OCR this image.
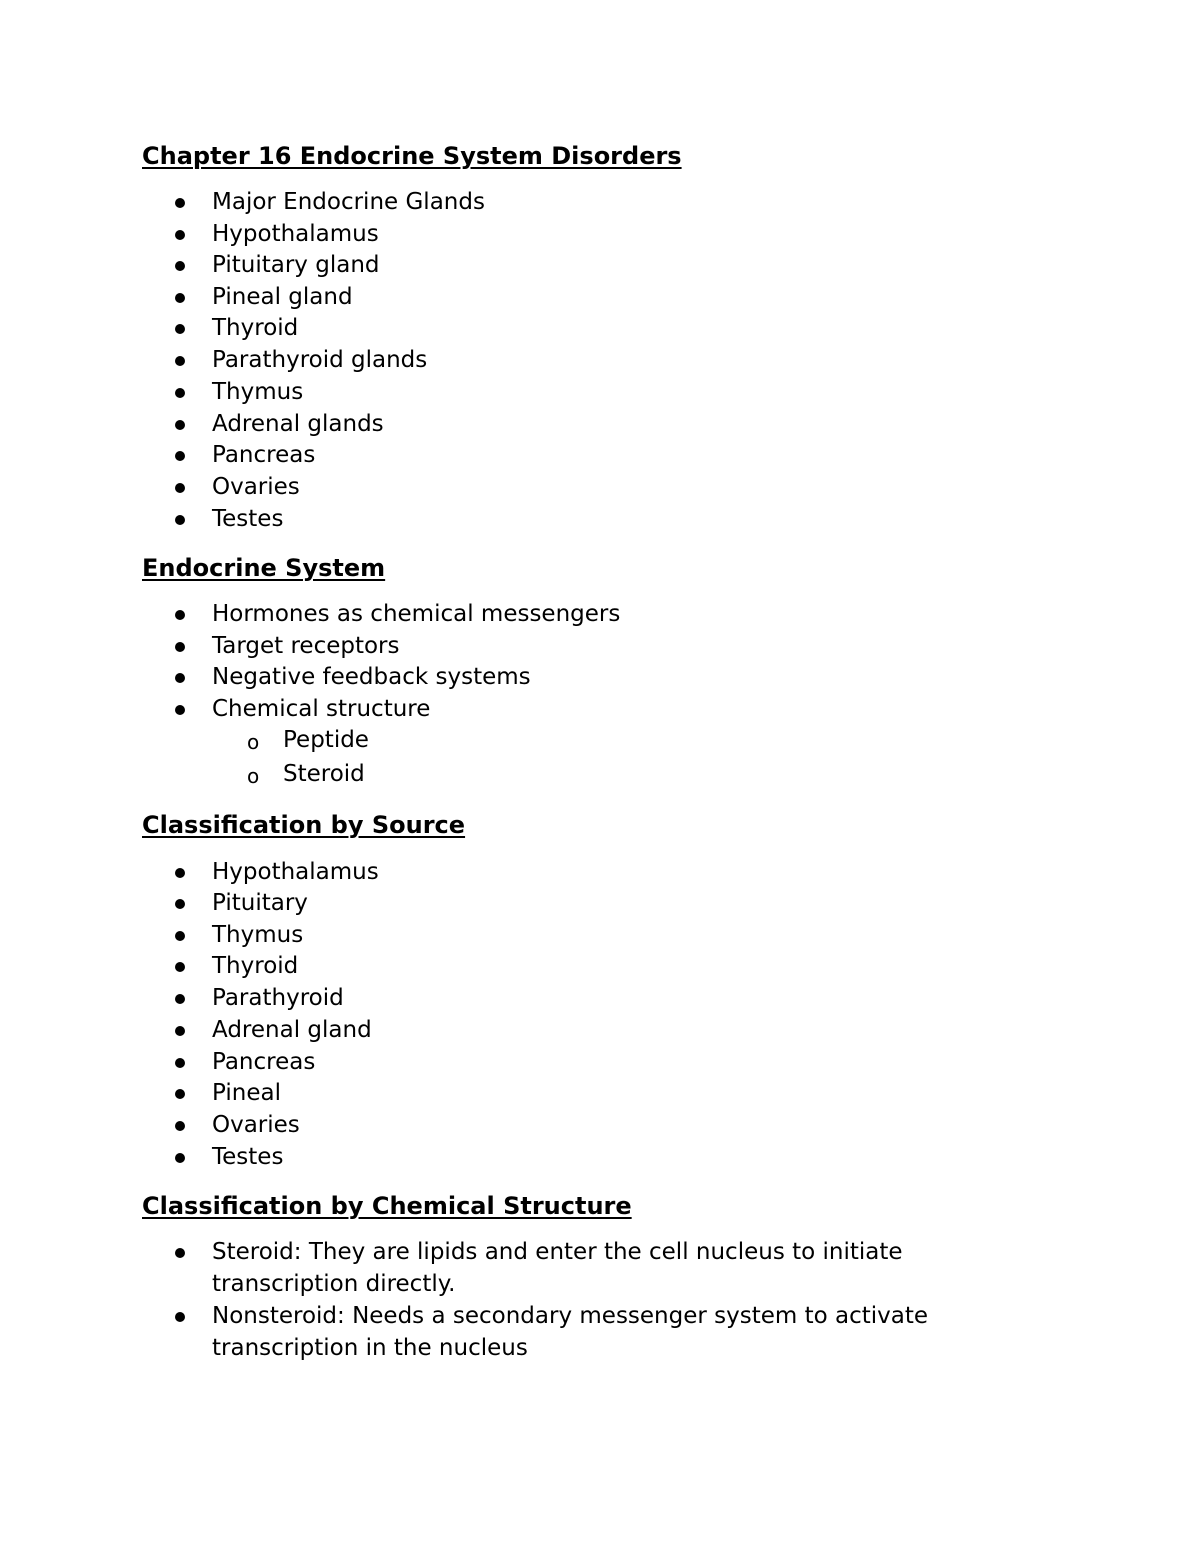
Chapter 16 Endocrine System Disorders
Major Endocrine Glands
Hypothalamus
Pituitary gland
Pineal gland
Thyroid
Parathyroid glands
Thymus
Adrenal glands
Pancreas
Ovaries
Testes
Endocrine System
Hormones as chemical messengers
Target receptors
Negative feedback systems
Chemical structure
o Peptide
o Steroid
Classification by Source
Hypothalamus
Pituitary
Thymus
Thyroid
Parathyroid
Adrenal gland
Pancreas
Pineal
Ovaries
Testes
Classification by Chemical Structure
Steroid: They are lipids and enter the cell nucleus to initiate transcription directly.
Nonsteroid: Needs a secondary messenger system to activate transcription in the nucleus
